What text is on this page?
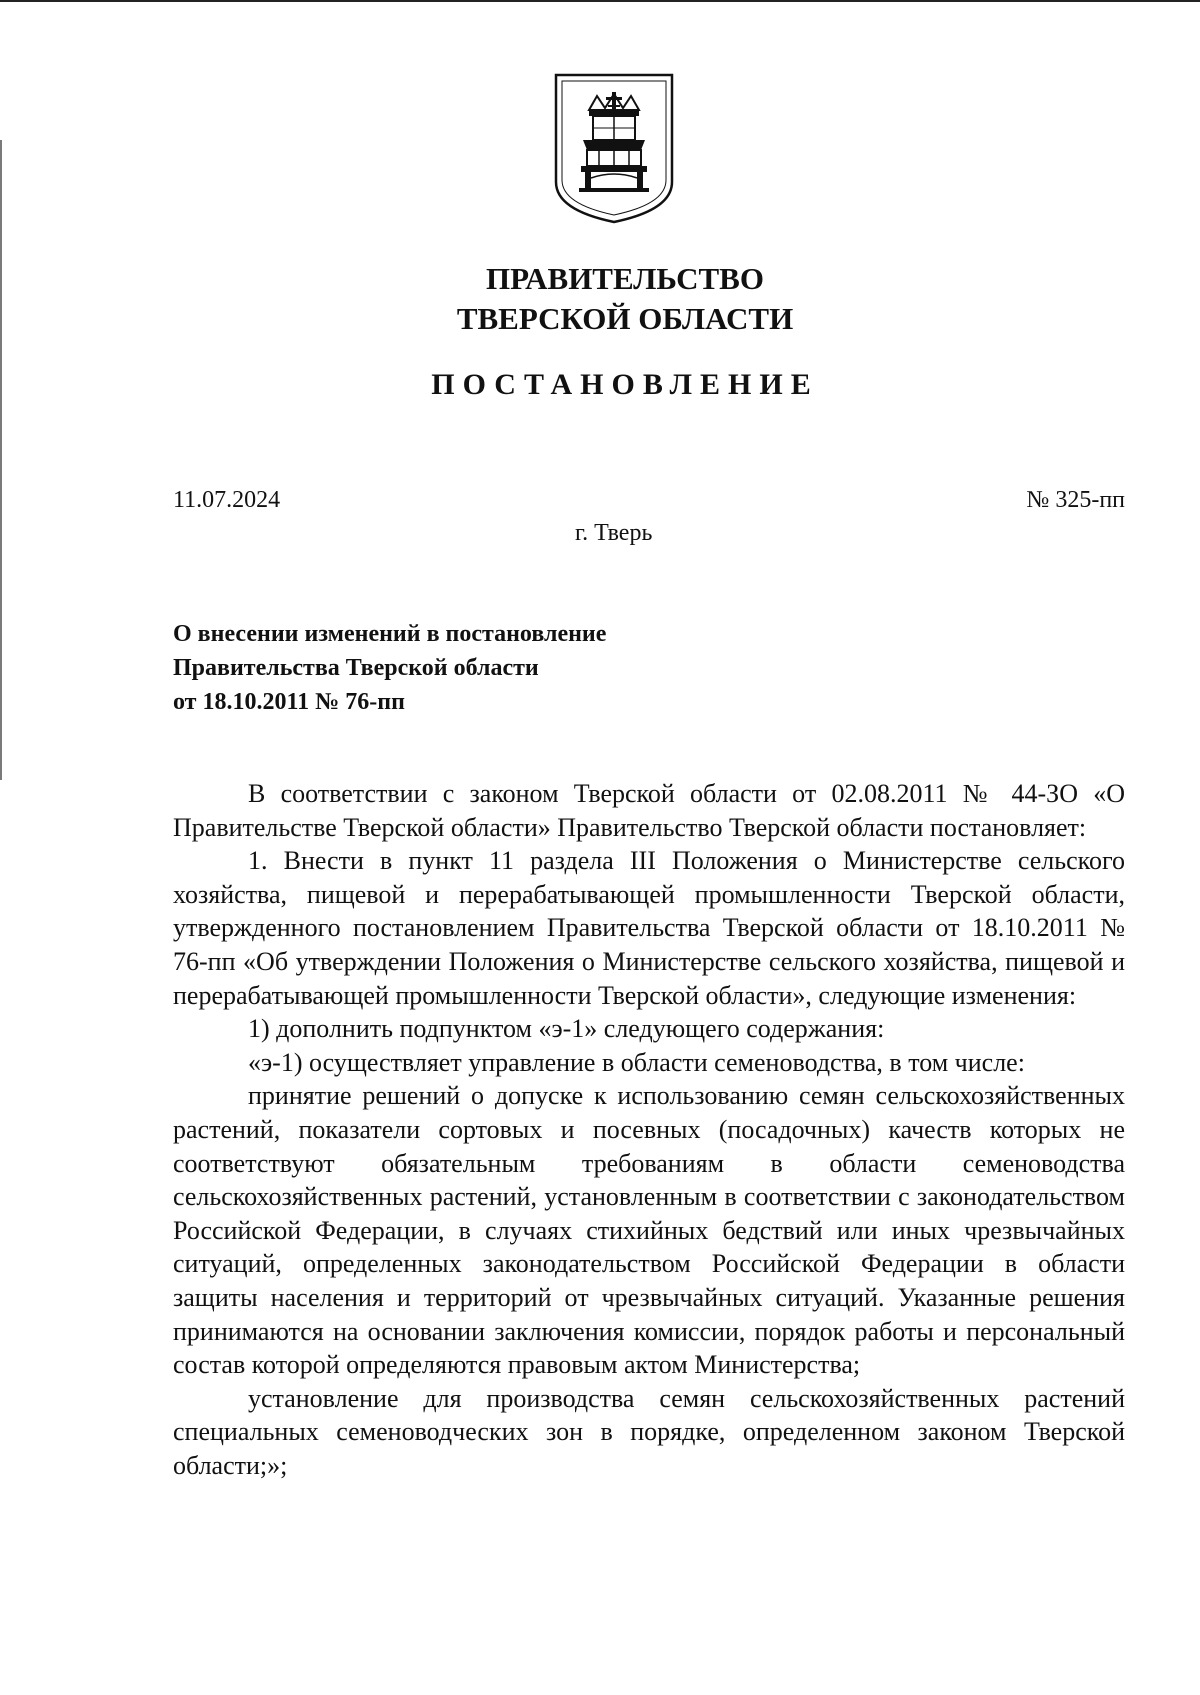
ПРАВИТЕЛЬСТВО
ТВЕРСКОЙ ОБЛАСТИ
ПОСТАНОВЛЕНИЕ
11.07.2024	№ 325-пп
г. Тверь
О внесении изменений в постановление
Правительства Тверской области
от 18.10.2011 № 76-пп

В соответствии с законом Тверской области от 02.08.2011 № 44-ЗО «О Правительстве Тверской области» Правительство Тверской области постановляет:

1. Внести в пункт 11 раздела III Положения о Министерстве сельского хозяйства, пищевой и перерабатывающей промышленности Тверской области, утвержденного постановлением Правительства Тверской области от 18.10.2011 № 76-пп «Об утверждении Положения о Министерстве сельского хозяйства, пищевой и перерабатывающей промышленности Тверской области», следующие изменения:

1) дополнить подпунктом «э-1» следующего содержания:

«э-1) осуществляет управление в области семеноводства, в том числе:

принятие решений о допуске к использованию семян сельскохозяйственных растений, показатели сортовых и посевных (посадочных) качеств которых не соответствуют обязательным требованиям в области семеноводства сельскохозяйственных растений, установленным в соответствии с законодательством Российской Федерации, в случаях стихийных бедствий или иных чрезвычайных ситуаций, определенных законодательством Российской Федерации в области защиты населения и территорий от чрезвычайных ситуаций. Указанные решения принимаются на основании заключения комиссии, порядок работы и персональный состав которой определяются правовым актом Министерства;

установление для производства семян сельскохозяйственных растений специальных семеноводческих зон в порядке, определенном законом Тверской области;»;
